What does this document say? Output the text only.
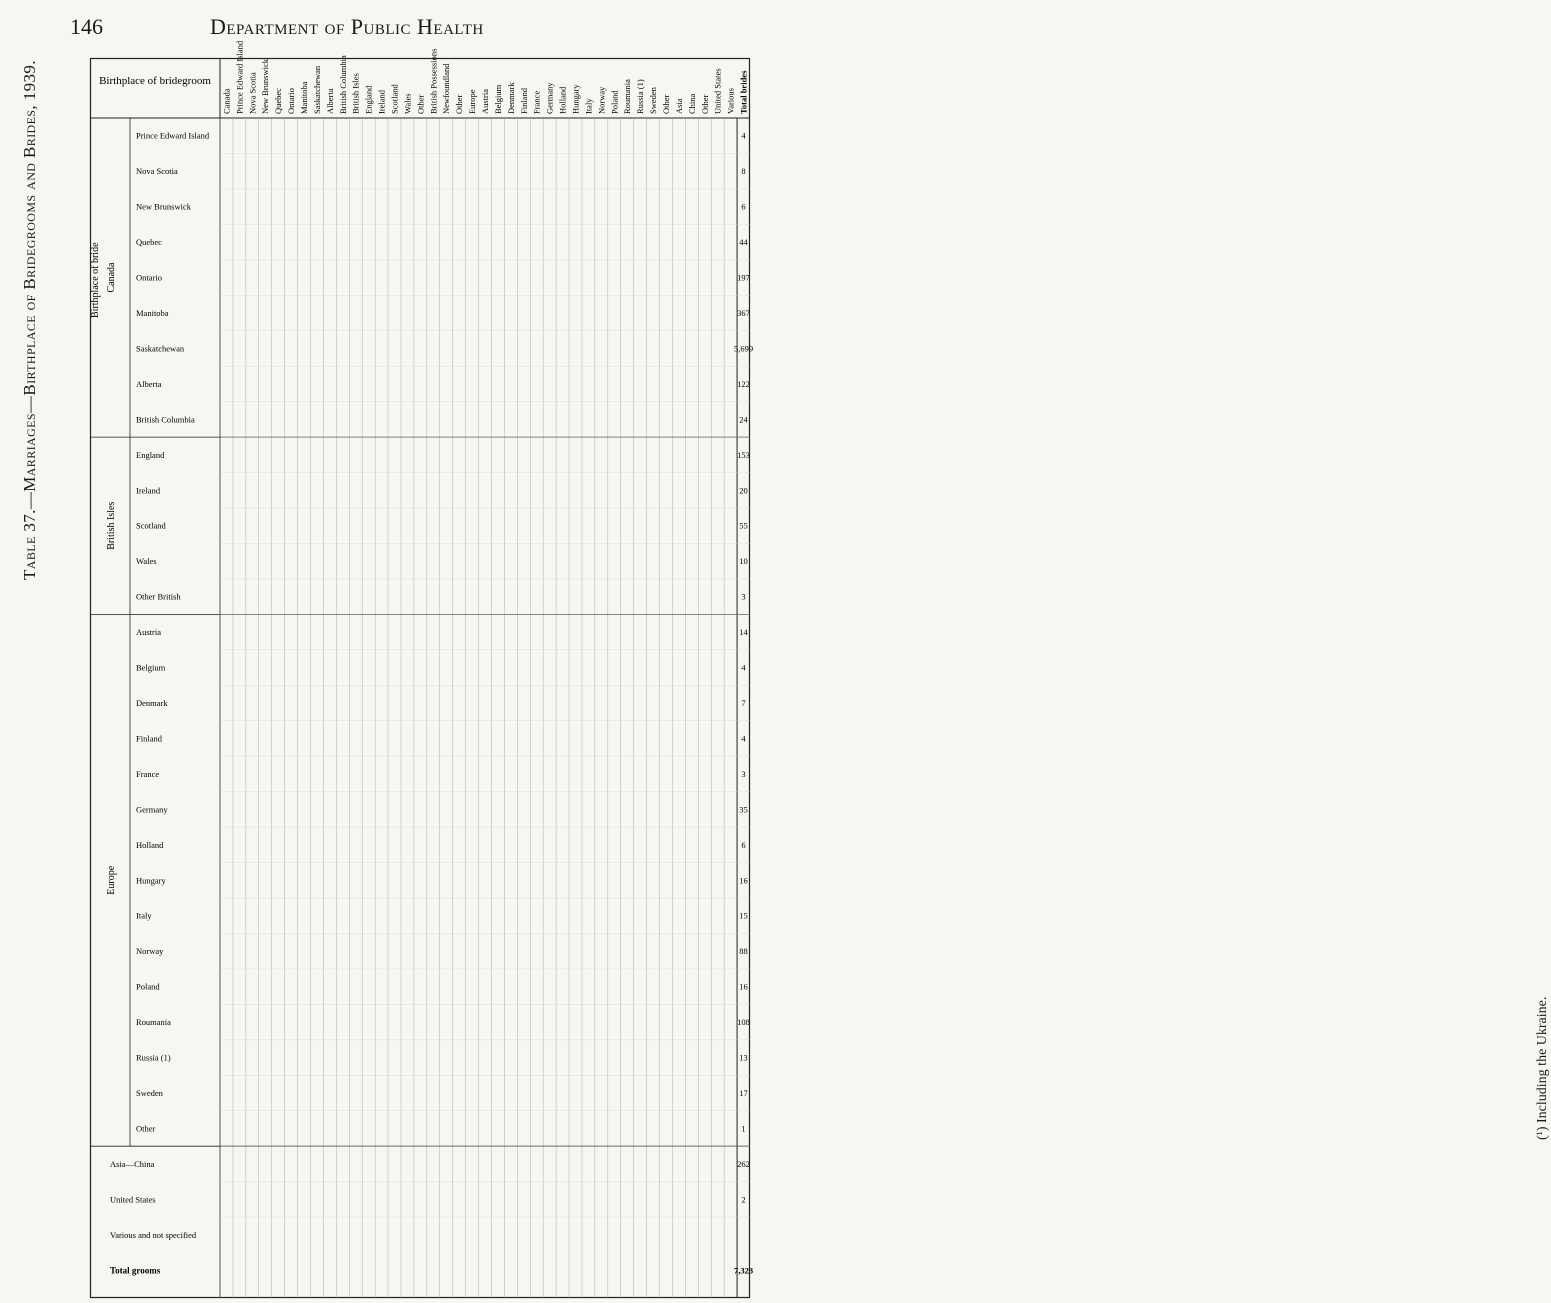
146	Department of Public Health
Table 37.—Marriages—Birthplace of Bridegrooms and Brides, 1939.
(¹) Including the Ukraine.
Birthplace of bridegroom
Canada Prince Edward Island Nova Scotia New Brunswick Quebec Ontario Manitoba Saskatchewan Alberta British Columbia British Isles England Ireland Scotland Wales Other British Possessions Newfoundland Other Europe Austria Belgium Denmark Finland France Germany Holland Hungary Italy Norway Poland Roumania Russia (1) Sweden Other Asia China Other United States Various Total brides
Prince Edward Island
Nova Scotia
New Brunswick
Quebec
Ontario
Manitoba
Saskatchewan
Alberta
British Columbia
England
Ireland
Scotland
Wales
Other British
Austria
Belgium
Denmark
Finland
France
Germany
Holland
Hungary
Italy
Norway
Poland
Roumania
Russia (1)
Sweden
Other
Asia—China
United States
Various and not specified
Total grooms
Canada
British Isles
Europe
Birthplace of bride
4
8
6
44
197
367
5,699
122
24
153
20
55
10
3
14
4
7
4
3
35
6
16
15
88
16
108
13
17
1
262
2
7,323
